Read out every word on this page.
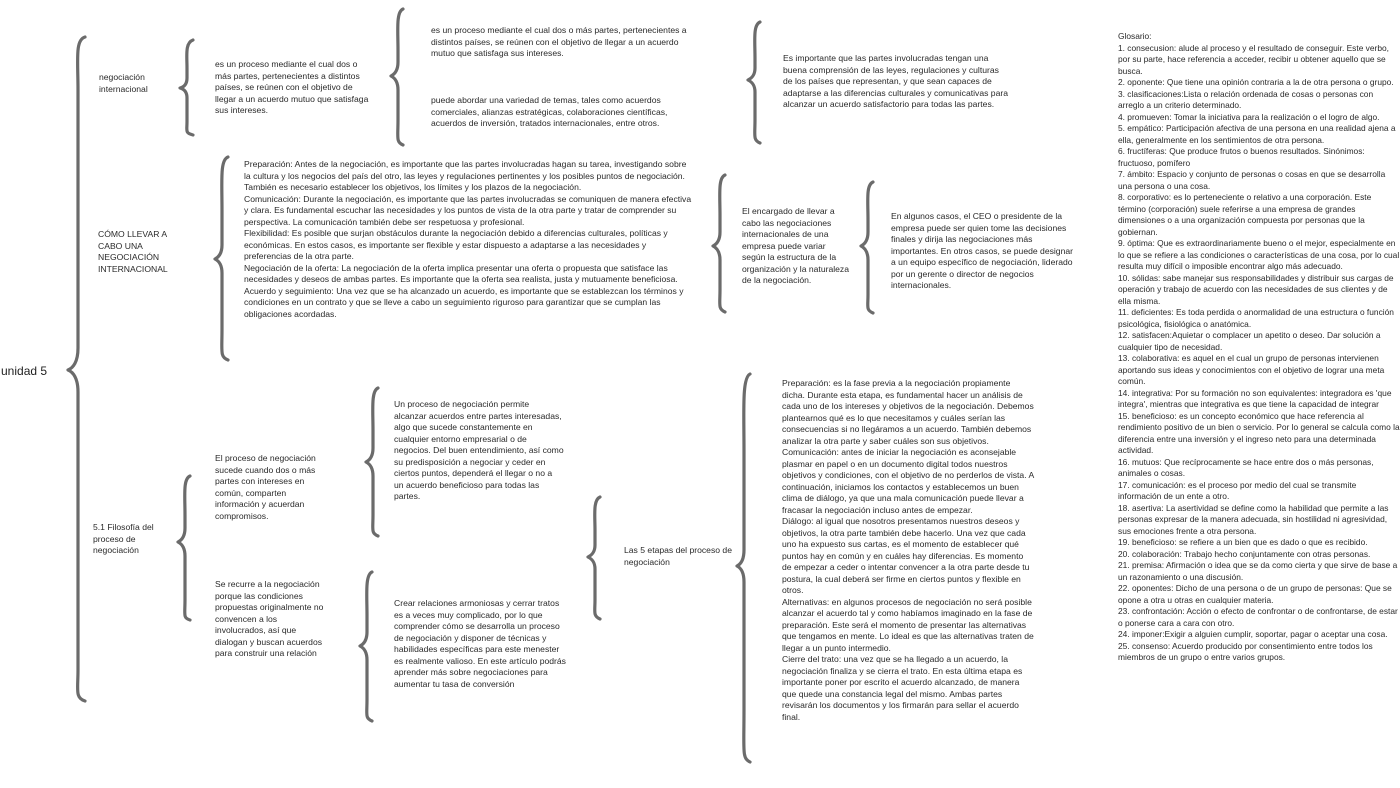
unidad 5
negociación internacional
es un proceso mediante el cual dos o más partes, pertenecientes a distintos países, se reúnen con el objetivo de llegar a un acuerdo mutuo que satisfaga sus intereses.
es un proceso mediante el cual dos o más partes, pertenecientes a distintos países, se reúnen con el objetivo de llegar a un acuerdo mutuo que satisfaga sus intereses.
puede abordar una variedad de temas, tales como acuerdos comerciales, alianzas estratégicas, colaboraciones científicas, acuerdos de inversión, tratados internacionales, entre otros.
Es importante que las partes involucradas tengan una buena comprensión de las leyes, regulaciones y culturas de los países que representan, y que sean capaces de adaptarse a las diferencias culturales y comunicativas para alcanzar un acuerdo satisfactorio para todas las partes.
CÓMO LLEVAR A CABO UNA NEGOCIACIÓN INTERNACIONAL
Preparación: Antes de la negociación, es importante que las partes involucradas hagan su tarea, investigando sobre la cultura y los negocios del país del otro, las leyes y regulaciones pertinentes y los posibles puntos de negociación. También es necesario establecer los objetivos, los límites y los plazos de la negociación.
Comunicación: Durante la negociación, es importante que las partes involucradas se comuniquen de manera efectiva y clara. Es fundamental escuchar las necesidades y los puntos de vista de la otra parte y tratar de comprender su perspectiva. La comunicación también debe ser respetuosa y profesional.
Flexibilidad: Es posible que surjan obstáculos durante la negociación debido a diferencias culturales, políticas y económicas. En estos casos, es importante ser flexible y estar dispuesto a adaptarse a las necesidades y preferencias de la otra parte.
Negociación de la oferta: La negociación de la oferta implica presentar una oferta o propuesta que satisface las necesidades y deseos de ambas partes. Es importante que la oferta sea realista, justa y mutuamente beneficiosa.
Acuerdo y seguimiento: Una vez que se ha alcanzado un acuerdo, es importante que se establezcan los términos y condiciones en un contrato y que se lleve a cabo un seguimiento riguroso para garantizar que se cumplan las obligaciones acordadas.
El encargado de llevar a cabo las negociaciones internacionales de una empresa puede variar según la estructura de la organización y la naturaleza de la negociación.
En algunos casos, el CEO o presidente de la empresa puede ser quien tome las decisiones finales y dirija las negociaciones más importantes. En otros casos, se puede designar a un equipo específico de negociación, liderado por un gerente o director de negocios internacionales.
5.1 Filosofía del proceso de negociación
El proceso de negociación sucede cuando dos o más partes con intereses en común, comparten información y acuerdan compromisos.
Un proceso de negociación permite alcanzar acuerdos entre partes interesadas, algo que sucede constantemente en cualquier entorno empresarial o de negocios. Del buen entendimiento, así como su predisposición a negociar y ceder en ciertos puntos, dependerá el llegar o no a un acuerdo beneficioso para todas las partes.
Se recurre a la negociación porque las condiciones propuestas originalmente no convencen a los involucrados, así que dialogan y buscan acuerdos para construir una relación
Crear relaciones armoniosas y cerrar tratos es a veces muy complicado, por lo que comprender cómo se desarrolla un proceso de negociación y disponer de técnicas y habilidades específicas para este menester es realmente valioso. En este artículo podrás aprender más sobre negociaciones para aumentar tu tasa de conversión
Las 5 etapas del proceso de negociación
Preparación: es la fase previa a la negociación propiamente dicha. Durante esta etapa, es fundamental hacer un análisis de cada uno de los intereses y objetivos de la negociación. Debemos plantearnos qué es lo que necesitamos y cuáles serían las consecuencias si no llegáramos a un acuerdo. También debemos analizar la otra parte y saber cuáles son sus objetivos.
Comunicación: antes de iniciar la negociación es aconsejable plasmar en papel o en un documento digital todos nuestros objetivos y condiciones, con el objetivo de no perderlos de vista. A continuación, iniciamos los contactos y establecemos un buen clima de diálogo, ya que una mala comunicación puede llevar a fracasar la negociación incluso antes de empezar.
Diálogo: al igual que nosotros presentamos nuestros deseos y objetivos, la otra parte también debe hacerlo. Una vez que cada uno ha expuesto sus cartas, es el momento de establecer qué puntos hay en común y en cuáles hay diferencias. Es momento de empezar a ceder o intentar convencer a la otra parte desde tu postura, la cual deberá ser firme en ciertos puntos y flexible en otros.
Alternativas: en algunos procesos de negociación no será posible alcanzar el acuerdo tal y como habíamos imaginado en la fase de preparación. Este será el momento de presentar las alternativas que tengamos en mente. Lo ideal es que las alternativas traten de llegar a un punto intermedio.
Cierre del trato: una vez que se ha llegado a un acuerdo, la negociación finaliza y se cierra el trato. En esta última etapa es importante poner por escrito el acuerdo alcanzado, de manera que quede una constancia legal del mismo. Ambas partes revisarán los documentos y los firmarán para sellar el acuerdo final.
Glosario:
1. consecusion: alude al proceso y el resultado de conseguir. Este verbo, por su parte, hace referencia a acceder, recibir u obtener aquello que se busca.
2. oponente: Que tiene una opinión contraria a la de otra persona o grupo.
3. clasificaciones:Lista o relación ordenada de cosas o personas con arreglo a un criterio determinado.
4. promueven: Tomar la iniciativa para la realización o el logro de algo.
5. empático: Participación afectiva de una persona en una realidad ajena a ella, generalmente en los sentimientos de otra persona.
6. fructíferas: Que produce frutos o buenos resultados. Sinónimos: fructuoso, pomífero
7. ámbito: Espacio y conjunto de personas o cosas en que se desarrolla una persona o una cosa.
8. corporativo: es lo perteneciente o relativo a una corporación. Este término (corporación) suele referirse a una empresa de grandes dimensiones o a una organización compuesta por personas que la gobiernan.
9. óptima: Que es extraordinariamente bueno o el mejor, especialmente en lo que se refiere a las condiciones o características de una cosa, por lo cual resulta muy difícil o imposible encontrar algo más adecuado.
10. sólidas: sabe manejar sus responsabilidades y distribuir sus cargas de operación y trabajo de acuerdo con las necesidades de sus clientes y de ella misma.
11. deficientes: Es toda perdida o anormalidad de una estructura o función psicológica, fisiológica o anatómica.
12. satisfacen:Aquietar o complacer un apetito o deseo. Dar solución a cualquier tipo de necesidad.
13. colaborativa: es aquel en el cual un grupo de personas intervienen aportando sus ideas y conocimientos con el objetivo de lograr una meta común.
14. integrativa: Por su formación no son equivalentes: integradora es 'que integra', mientras que integrativa es que tiene la capacidad de integrar
15. beneficioso: es un concepto económico que hace referencia al rendimiento positivo de un bien o servicio. Por lo general se calcula como la diferencia entre una inversión y el ingreso neto para una determinada actividad.
16. mutuos: Que recíprocamente se hace entre dos o más personas, animales o cosas.
17. comunicación: es el proceso por medio del cual se transmite información de un ente a otro.
18. asertiva: La asertividad se define como la habilidad que permite a las personas expresar de la manera adecuada, sin hostilidad ni agresividad, sus emociones frente a otra persona.
19. beneficioso: se refiere a un bien que es dado o que es recibido.
20. colaboración: Trabajo hecho conjuntamente con otras personas.
21. premisa: Afirmación o idea que se da como cierta y que sirve de base a un razonamiento o una discusión.
22. oponentes: Dicho de una persona o de un grupo de personas: Que se opone a otra u otras en cualquier materia.
23. confrontación: Acción o efecto de confrontar o de confrontarse, de estar o ponerse cara a cara con otro.
24. imponer:Exigir a alguien cumplir, soportar, pagar o aceptar una cosa.
25. consenso: Acuerdo producido por consentimiento entre todos los miembros de un grupo o entre varios grupos.
